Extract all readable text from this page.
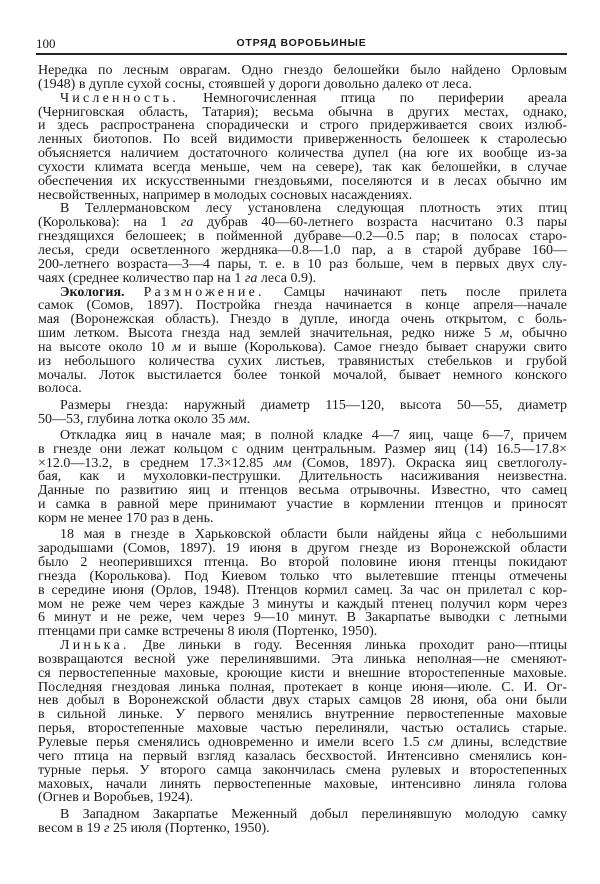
100	ОТРЯД ВОРОБЬИНЫЕ
Нередка по лесным оврагам. Одно гнездо белошейки было найдено Орловым
(1948) в дупле сухой сосны, стоявшей у дороги довольно далеко от леса.
Численность. Немногочисленная птица по периферии ареала
(Черниговская область, Татария); весьма обычна в других местах, однако,
и здесь распространена спорадически и строго придерживается своих излюб-
ленных биотопов. По всей видимости приверженность белошеек к старолесью
объясняется наличием достаточного количества дупел (на юге их вообще из-за
сухости климата всегда меньше, чем на севере), так как белошейки, в случае
обеспечения их искусственными гнездовьями, поселяются и в лесах обычно им
несвойственных, например в молодых сосновых насаждениях.
В Теллермановском лесу установлена следующая плотность этих птиц
(Королькова): на 1 га дубрав 40—60-летнего возраста насчитано 0.3 пары
гнездящихся белошеек; в пойменной дубраве—0.2—0.5 пар; в полосах старо-
лесья, среди осветленного жердняка—0.8—1.0 пар, а в старой дубраве 160—
200-летнего возраста—3—4 пары, т. е. в 10 раз больше, чем в первых двух слу-
чаях (среднее количество пар на 1 га леса 0.9).
Экология. Размножение. Самцы начинают петь после прилета
самок (Сомов, 1897). Постройка гнезда начинается в конце апреля—начале
мая (Воронежская область). Гнездо в дупле, иногда очень открытом, с боль-
шим летком. Высота гнезда над землей значительная, редко ниже 5 м, обычно
на высоте около 10 м и выше (Королькова). Самое гнездо бывает снаружи свито
из небольшого количества сухих листьев, травянистых стебельков и грубой
мочалы. Лоток выстилается более тонкой мочалой, бывает немного конского
волоса.
Размеры гнезда: наружный диаметр 115—120, высота 50—55, диаметр
50—53, глубина лотка около 35 мм.
Откладка яиц в начале мая; в полной кладке 4—7 яиц, чаще 6—7, причем
в гнезде они лежат кольцом с одним центральным. Размер яиц (14) 16.5—17.8×
×12.0—13.2, в среднем 17.3×12.85 мм (Сомов, 1897). Окраска яиц светлоголу-
бая, как и мухоловки-пеструшки. Длительность насиживания неизвестна.
Данные по развитию яиц и птенцов весьма отрывочны. Известно, что самец
и самка в равной мере принимают участие в кормлении птенцов и приносят
корм не менее 170 раз в день.
18 мая в гнезде в Харьковской области были найдены яйца с небольшими
зародышами (Сомов, 1897). 19 июня в другом гнезде из Воронежской области
было 2 неоперившихся птенца. Во второй половине июня птенцы покидают
гнезда (Королькова). Под Киевом только что вылетевшие птенцы отмечены
в середине июня (Орлов, 1948). Птенцов кормил самец. За час он прилетал с кор-
мом не реже чем через каждые 3 минуты и каждый птенец получил корм через
6 минут и не реже, чем через 9—10 минут. В Закарпатье выводки с летными
птенцами при самке встречены 8 июля (Портенко, 1950).
Линька. Две линьки в году. Весенняя линька проходит рано—птицы
возвращаются весной уже перелинявшими. Эта линька неполная—не сменяют-
ся первостепенные маховые, кроющие кисти и внешние второстепенные маховые.
Последняя гнездовая линька полная, протекает в конце июня—июле. С. И. Ог-
нев добыл в Воронежской области двух старых самцов 28 июня, оба они были
в сильной линьке. У первого менялись внутренние первостепенные маховые
перья, второстепенные маховые частью перелиняли, частью остались старые.
Рулевые перья сменялись одновременно и имели всего 1.5 см длины, вследствие
чего птица на первый взгляд казалась бесхвостой. Интенсивно сменялись кон-
турные перья. У второго самца закончилась смена рулевых и второстепенных
маховых, начали линять первостепенные маховые, интенсивно линяла голова
(Огнев и Воробьев, 1924).
В Западном Закарпатье Меженный добыл перелинявшую молодую самку
весом в 19 г 25 июля (Портенко, 1950).
